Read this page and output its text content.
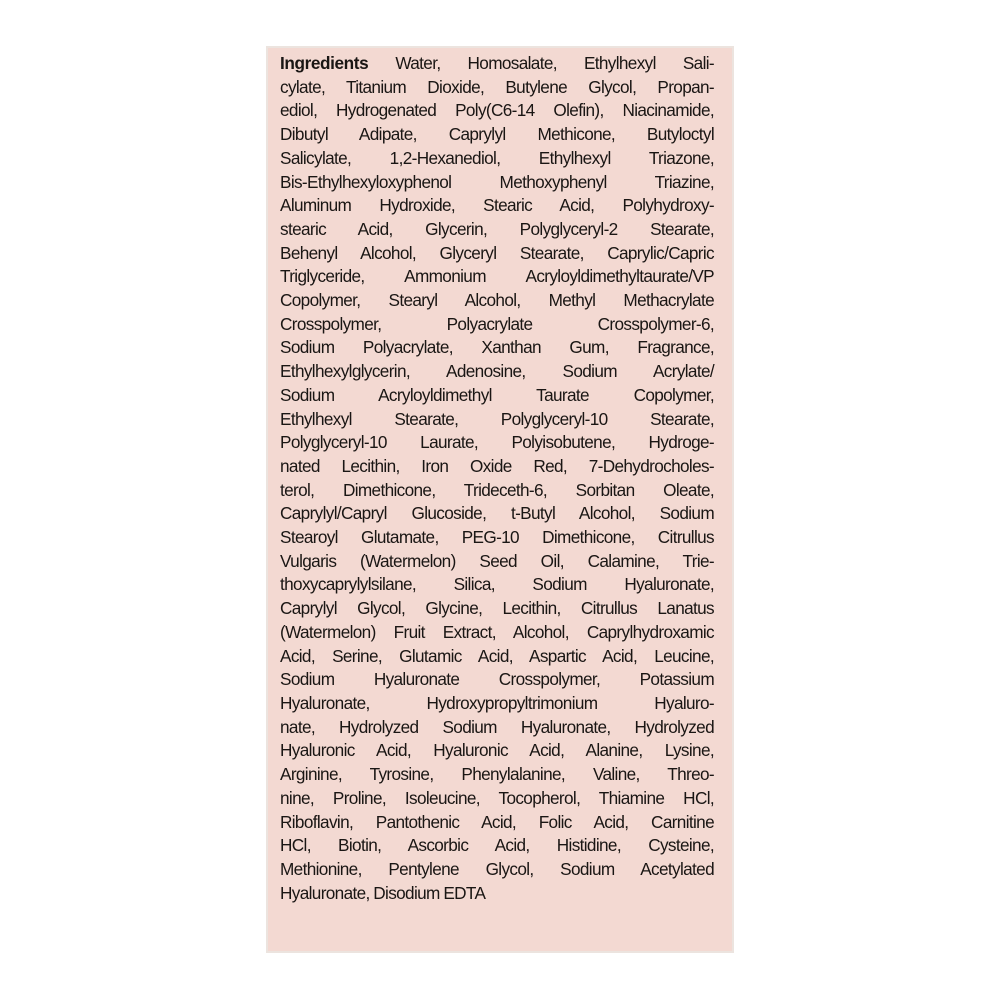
Ingredients Water, Homosalate, Ethylhexyl Sali-
cylate, Titanium Dioxide, Butylene Glycol, Propan-
ediol, Hydrogenated Poly(C6-14 Olefin), Niacinamide,
Dibutyl Adipate, Caprylyl Methicone, Butyloctyl
Salicylate, 1,2-Hexanediol, Ethylhexyl Triazone,
Bis-Ethylhexyloxyphenol Methoxyphenyl Triazine,
Aluminum Hydroxide, Stearic Acid, Polyhydroxy-
stearic Acid, Glycerin, Polyglyceryl-2 Stearate,
Behenyl Alcohol, Glyceryl Stearate, Caprylic/Capric
Triglyceride, Ammonium Acryloyldimethyltaurate/VP
Copolymer, Stearyl Alcohol, Methyl Methacrylate
Crosspolymer, Polyacrylate Crosspolymer-6,
Sodium Polyacrylate, Xanthan Gum, Fragrance,
Ethylhexylglycerin, Adenosine, Sodium Acrylate/
Sodium Acryloyldimethyl Taurate Copolymer,
Ethylhexyl Stearate, Polyglyceryl-10 Stearate,
Polyglyceryl-10 Laurate, Polyisobutene, Hydroge-
nated Lecithin, Iron Oxide Red, 7-Dehydrocholes-
terol, Dimethicone, Trideceth-6, Sorbitan Oleate,
Caprylyl/Capryl Glucoside, t-Butyl Alcohol, Sodium
Stearoyl Glutamate, PEG-10 Dimethicone, Citrullus
Vulgaris (Watermelon) Seed Oil, Calamine, Trie-
thoxycaprylylsilane, Silica, Sodium Hyaluronate,
Caprylyl Glycol, Glycine, Lecithin, Citrullus Lanatus
(Watermelon) Fruit Extract, Alcohol, Caprylhydroxamic
Acid, Serine, Glutamic Acid, Aspartic Acid, Leucine,
Sodium Hyaluronate Crosspolymer, Potassium
Hyaluronate, Hydroxypropyltrimonium Hyaluro-
nate, Hydrolyzed Sodium Hyaluronate, Hydrolyzed
Hyaluronic Acid, Hyaluronic Acid, Alanine, Lysine,
Arginine, Tyrosine, Phenylalanine, Valine, Threo-
nine, Proline, Isoleucine, Tocopherol, Thiamine HCl,
Riboflavin, Pantothenic Acid, Folic Acid, Carnitine
HCl, Biotin, Ascorbic Acid, Histidine, Cysteine,
Methionine, Pentylene Glycol, Sodium Acetylated
Hyaluronate, Disodium EDTA
